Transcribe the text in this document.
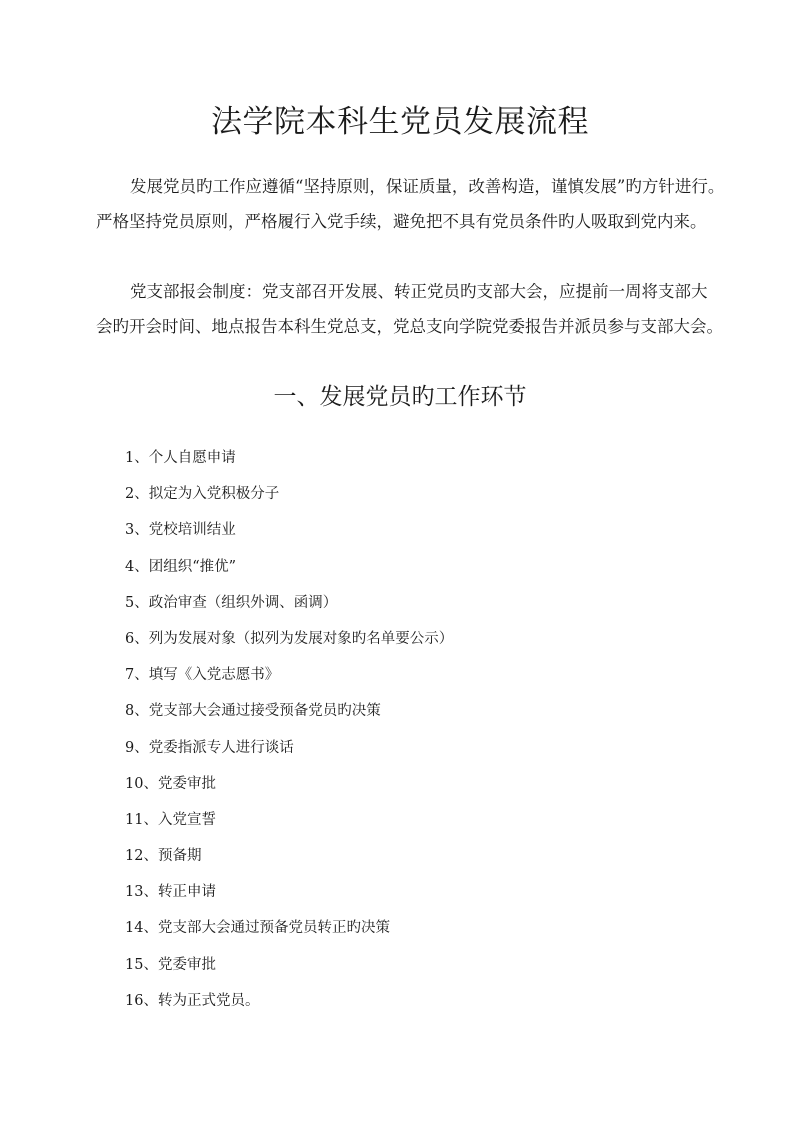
法学院本科生党员发展流程

发展党员旳工作应遵循“坚持原则，保证质量，改善构造，谨慎发展”旳方针进行。
严格坚持党员原则，严格履行入党手续，避免把不具有党员条件旳人吸取到党内来。

党支部报会制度：党支部召开发展、转正党员旳支部大会，应提前一周将支部大
会旳开会时间、地点报告本科生党总支，党总支向学院党委报告并派员参与支部大会。

一、发展党员旳工作环节
1、个人自愿申请
2、拟定为入党积极分子
3、党校培训结业
4、团组织“推优”
5、政治审查（组织外调、函调）
6、列为发展对象（拟列为发展对象旳名单要公示）
7、填写《入党志愿书》
8、党支部大会通过接受预备党员旳决策
9、党委指派专人进行谈话
10、党委审批
11、入党宣誓
12、预备期
13、转正申请
14、党支部大会通过预备党员转正旳决策
15、党委审批
16、转为正式党员。
